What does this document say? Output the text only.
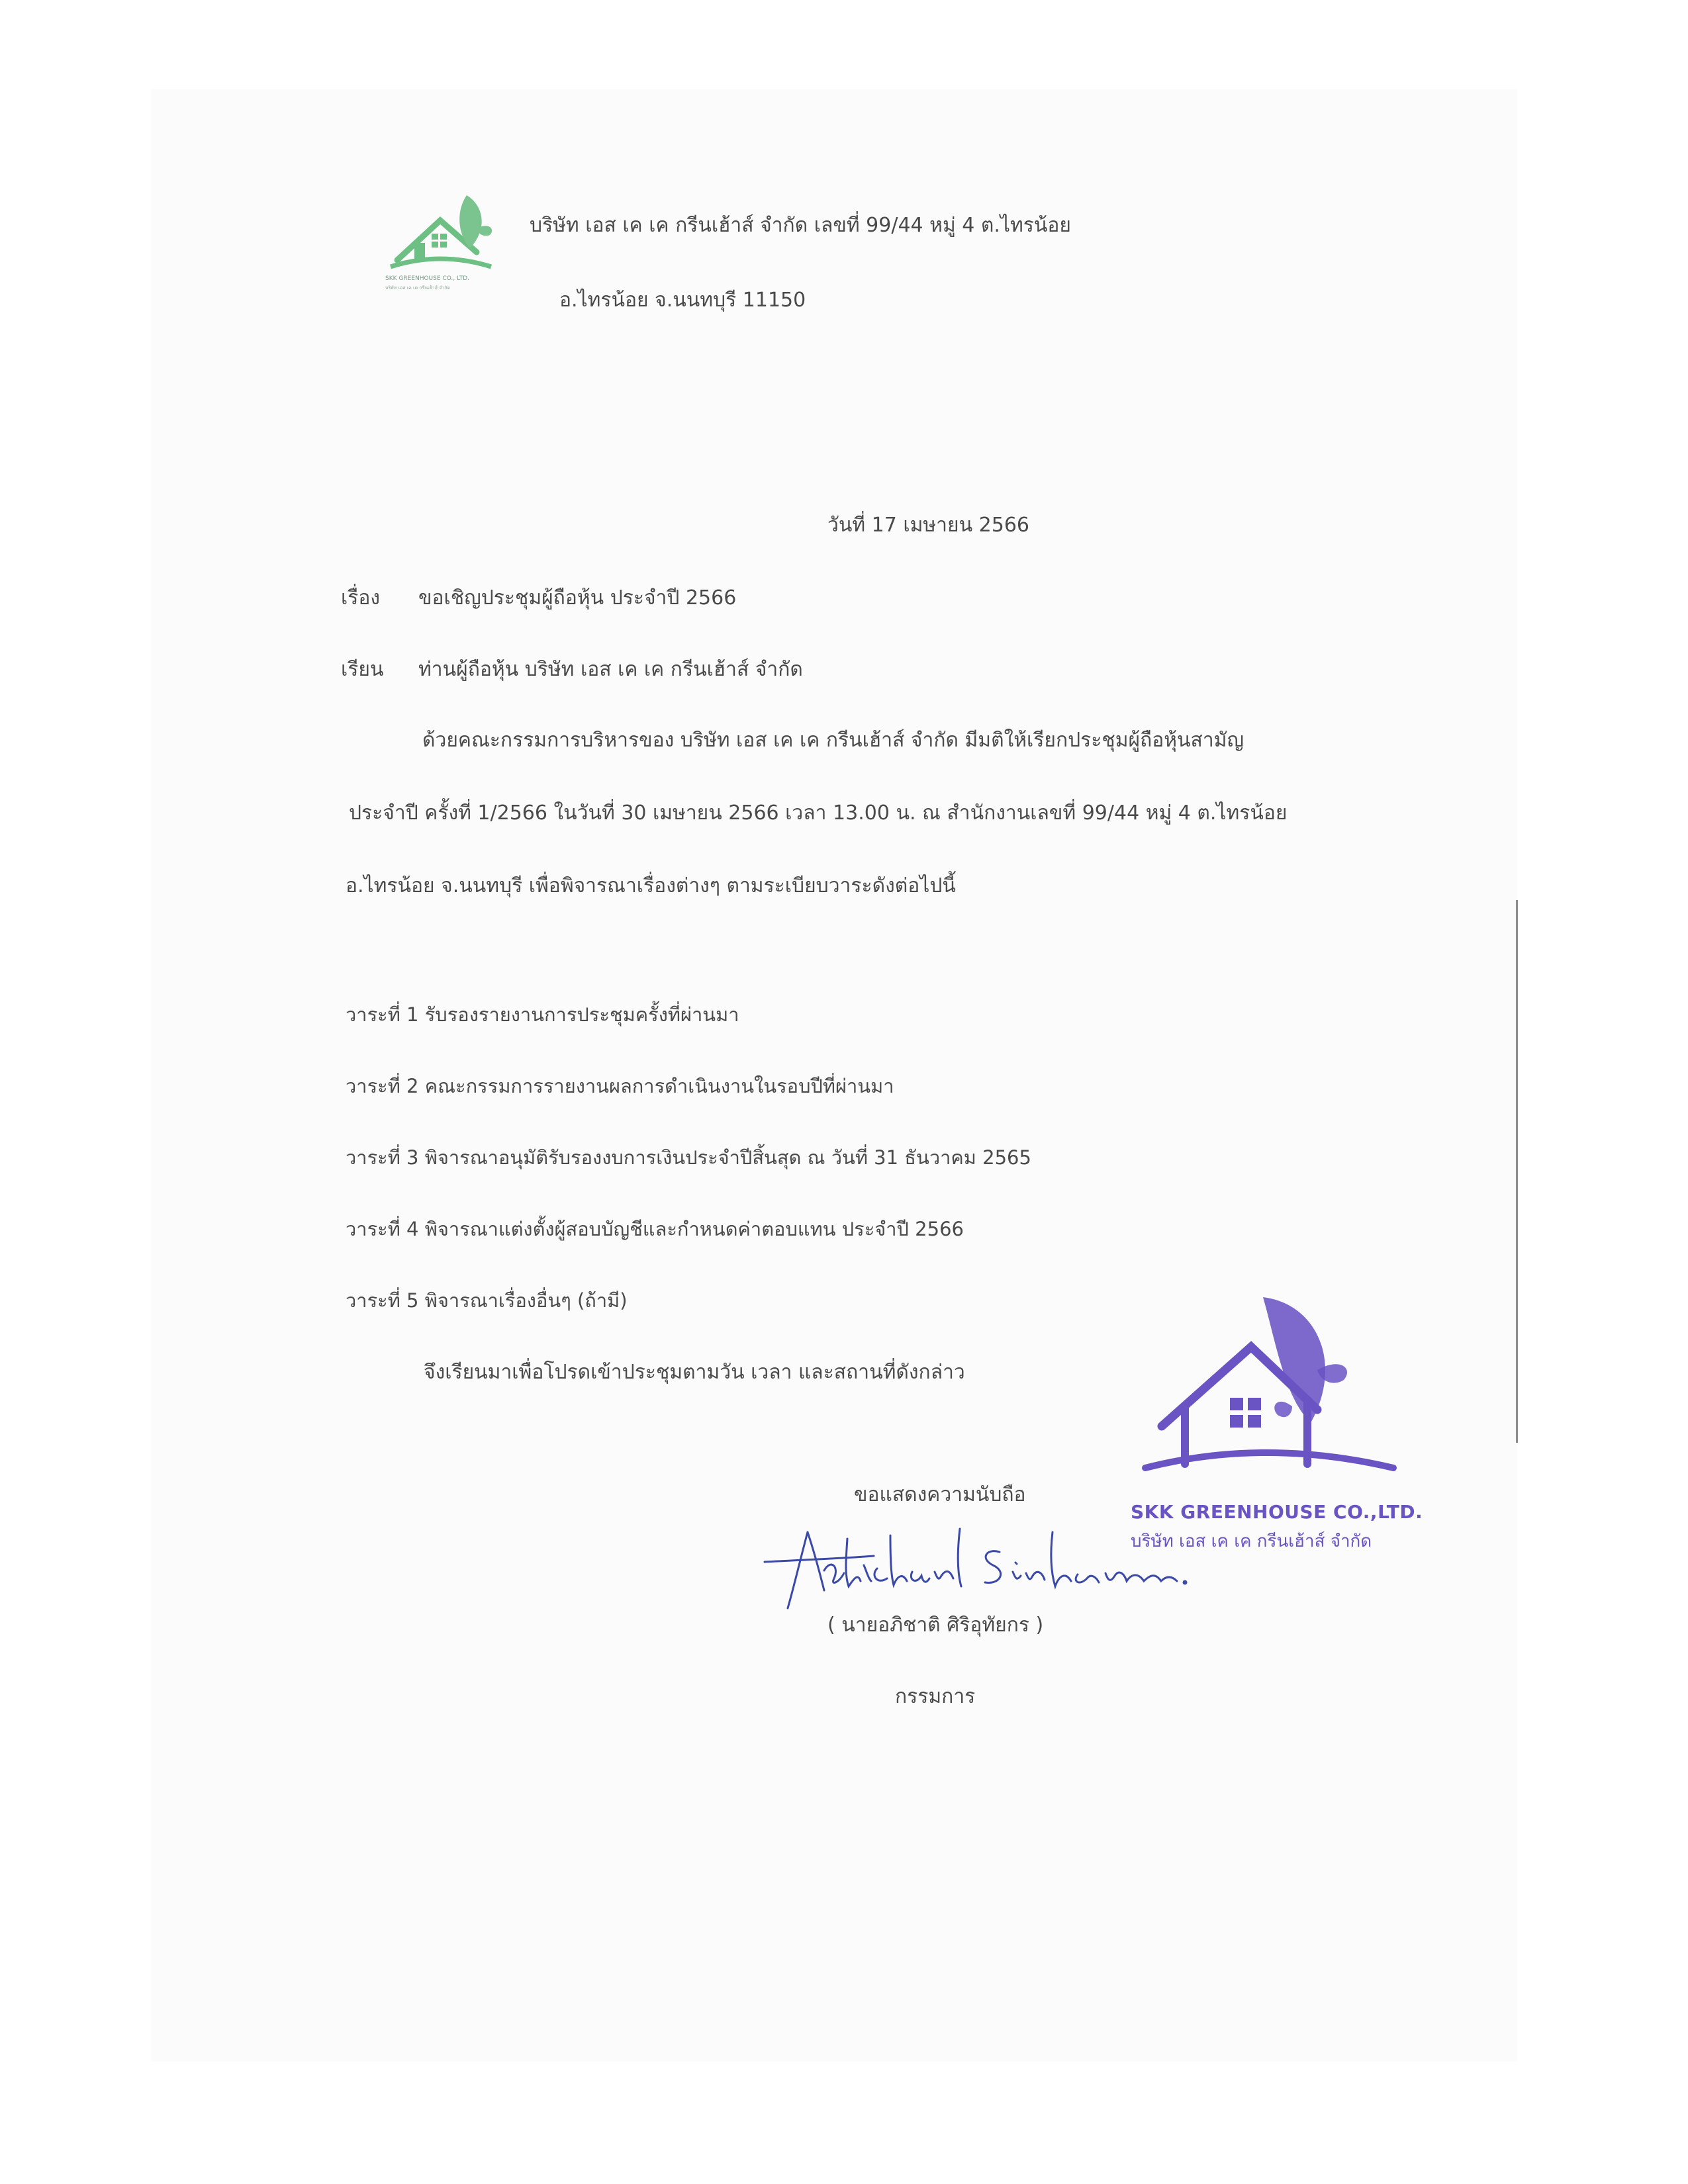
SKK GREENHOUSE CO., LTD.
บริษัท เอส เค เค กรีนเฮ้าส์ จำกัด
บริษัท เอส เค เค กรีนเฮ้าส์ จำกัด เลขที่ 99/44 หมู่ 4 ต.ไทรน้อย
อ.ไทรน้อย จ.นนทบุรี 11150
วันที่ 17 เมษายน 2566
เรื่อง ขอเชิญประชุมผู้ถือหุ้น ประจำปี 2566
เรียน ท่านผู้ถือหุ้น บริษัท เอส เค เค กรีนเฮ้าส์ จำกัด
ด้วยคณะกรรมการบริหารของ บริษัท เอส เค เค กรีนเฮ้าส์ จำกัด มีมติให้เรียกประชุมผู้ถือหุ้นสามัญ
ประจำปี ครั้งที่ 1/2566 ในวันที่ 30 เมษายน 2566 เวลา 13.00 น. ณ สำนักงานเลขที่ 99/44 หมู่ 4 ต.ไทรน้อย
อ.ไทรน้อย จ.นนทบุรี เพื่อพิจารณาเรื่องต่างๆ ตามระเบียบวาระดังต่อไปนี้
วาระที่ 1 รับรองรายงานการประชุมครั้งที่ผ่านมา
วาระที่ 2 คณะกรรมการรายงานผลการดำเนินงานในรอบปีที่ผ่านมา
วาระที่ 3 พิจารณาอนุมัติรับรองงบการเงินประจำปีสิ้นสุด ณ วันที่ 31 ธันวาคม 2565
วาระที่ 4 พิจารณาแต่งตั้งผู้สอบบัญชีและกำหนดค่าตอบแทน ประจำปี 2566
วาระที่ 5 พิจารณาเรื่องอื่นๆ (ถ้ามี)
จึงเรียนมาเพื่อโปรดเข้าประชุมตามวัน เวลา และสถานที่ดังกล่าว
ขอแสดงความนับถือ
SKK GREENHOUSE CO.,LTD.
บริษัท เอส เค เค กรีนเฮ้าส์ จำกัด
Aphichart Sirinthornhorn.
( นายอภิชาติ ศิริอุทัยกร )
กรรมการ
